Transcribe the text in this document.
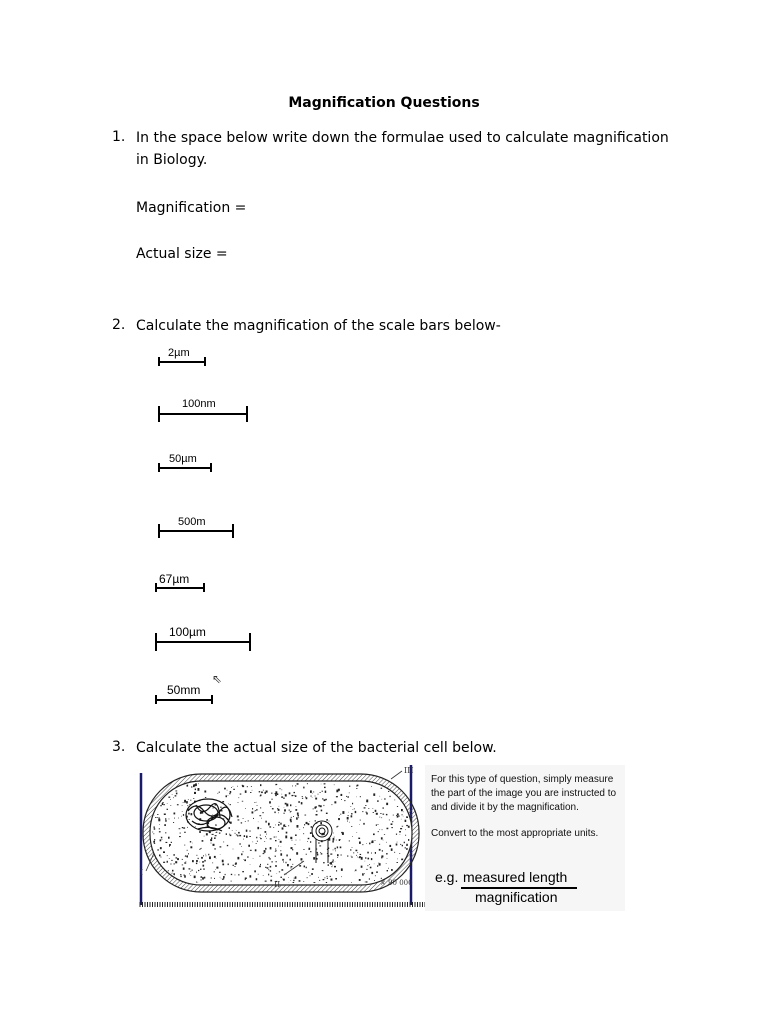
Magnification Questions
1. In the space below write down the formulae used to calculate magnification
in Biology.
Magnification =
Actual size =
2. Calculate the magnification of the scale bars below-
2µm
100nm
50µm
500m
67µm
100µm
50mm
⇖
3. Calculate the actual size of the bacterial cell below.
III
II
I
× 90 000
For this type of question, simply measure
the part of the image you are instructed to
and divide it by the magnification.
Convert to the most appropriate units.
e.g. measured length
magnification
